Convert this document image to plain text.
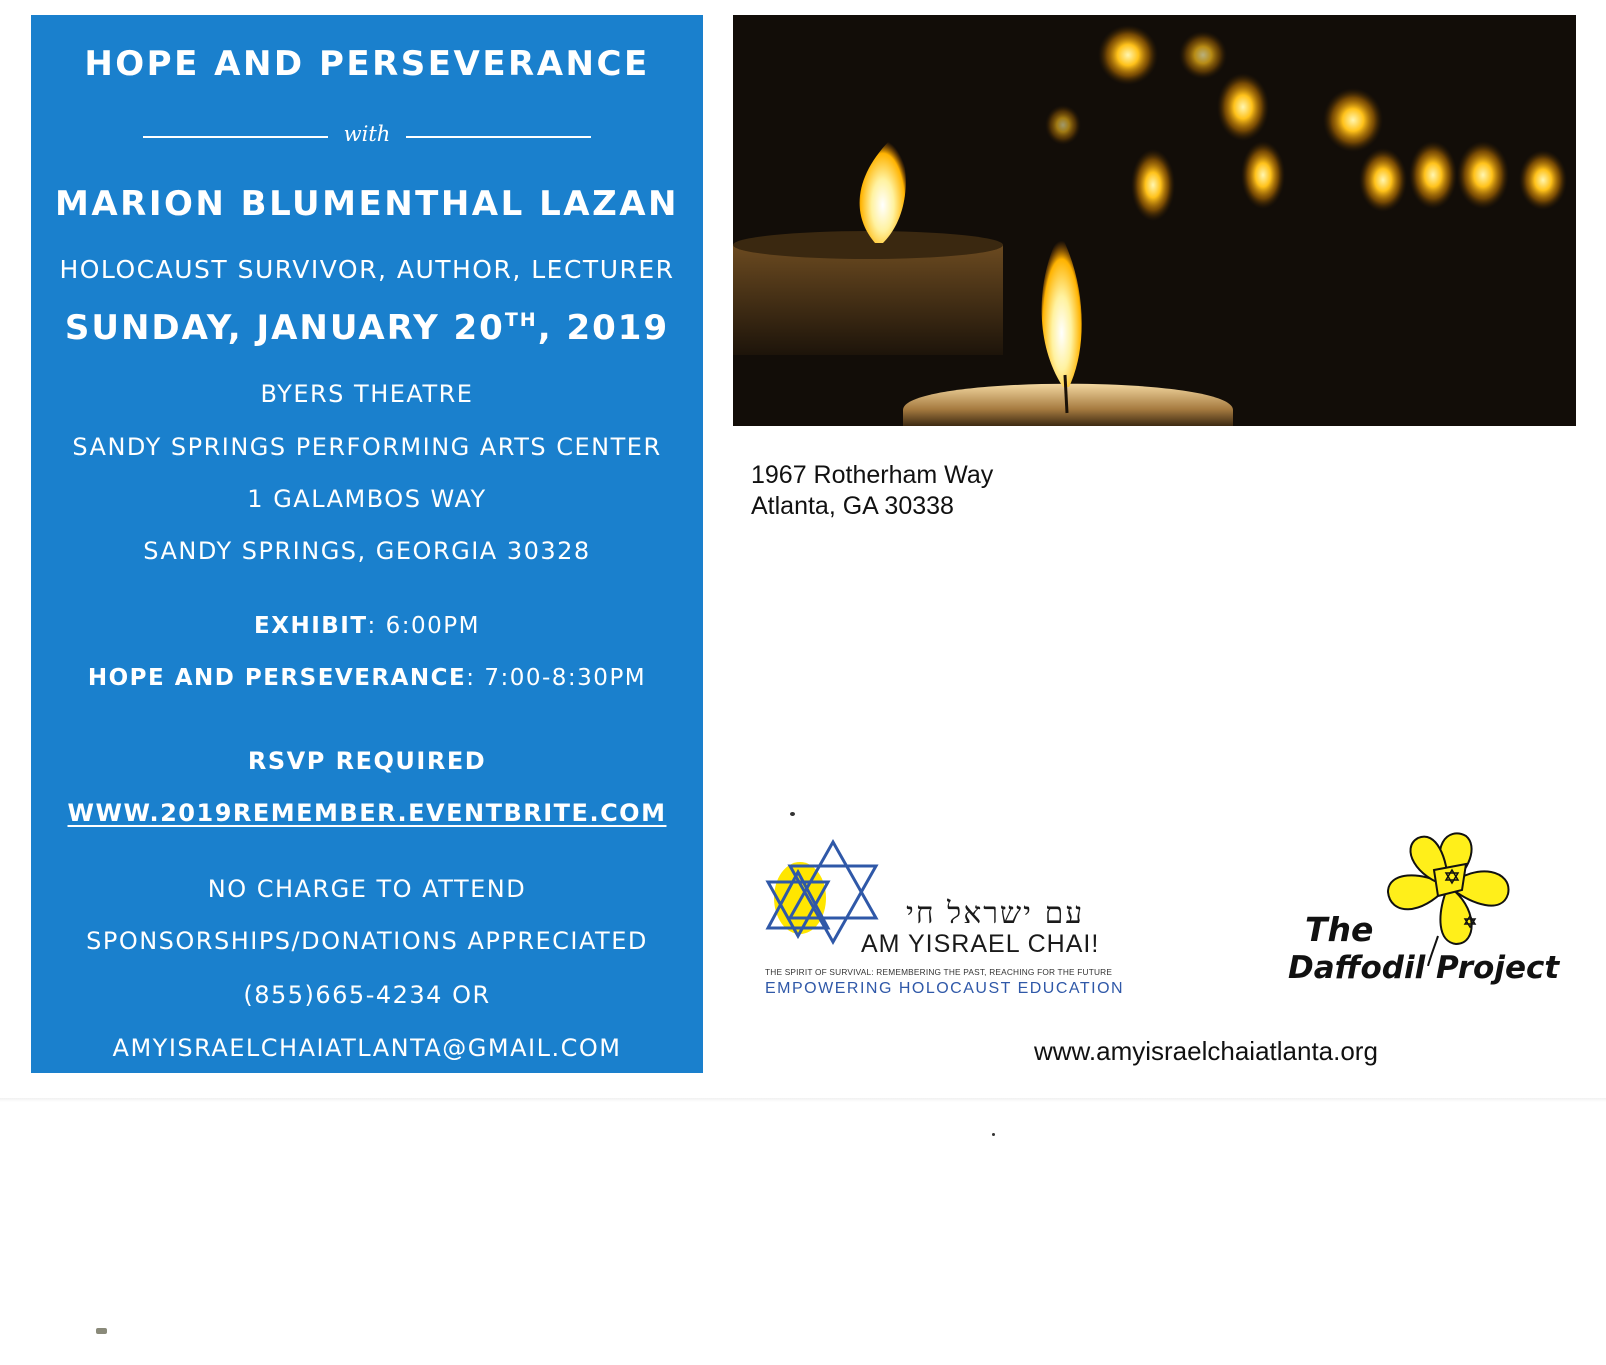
HOPE AND PERSEVERANCE
with
MARION BLUMENTHAL LAZAN
HOLOCAUST SURVIVOR, AUTHOR, LECTURER
SUNDAY, JANUARY 20TH, 2019
BYERS THEATRE
SANDY SPRINGS PERFORMING ARTS CENTER
1 GALAMBOS WAY
SANDY SPRINGS, GEORGIA 30328
EXHIBIT: 6:00PM
HOPE AND PERSEVERANCE: 7:00-8:30PM
RSVP REQUIRED
WWW.2019REMEMBER.EVENTBRITE.COM
NO CHARGE TO ATTEND
SPONSORSHIPS/DONATIONS APPRECIATED
(855)665-4234 OR
AMYISRAELCHAIATLANTA@GMAIL.COM
1967 Rotherham Way
Atlanta, GA 30338
עם ישראל חי
AM YISRAEL CHAI!
THE SPIRIT OF SURVIVAL: REMEMBERING THE PAST, REACHING FOR THE FUTURE
EMPOWERING HOLOCAUST EDUCATION
The
Daffodil Project
www.amyisraelchaiatlanta.org
